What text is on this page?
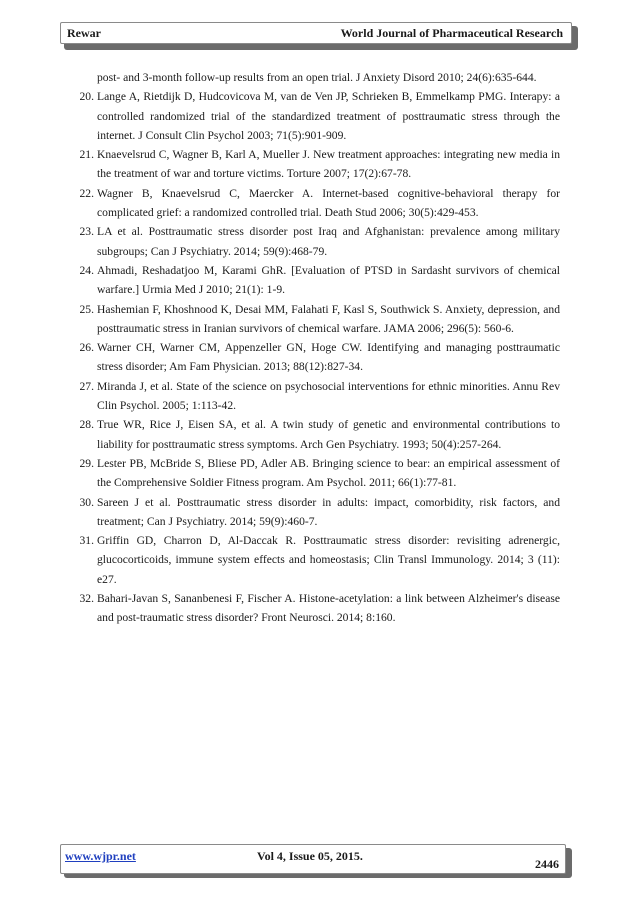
Rewar	World Journal of Pharmaceutical Research
post- and 3-month follow-up results from an open trial. J Anxiety Disord 2010; 24(6):635-644.
20. Lange A, Rietdijk D, Hudcovicova M, van de Ven JP, Schrieken B, Emmelkamp PMG. Interapy: a controlled randomized trial of the standardized treatment of posttraumatic stress through the internet. J Consult Clin Psychol 2003; 71(5):901-909.
21. Knaevelsrud C, Wagner B, Karl A, Mueller J. New treatment approaches: integrating new media in the treatment of war and torture victims. Torture 2007; 17(2):67-78.
22. Wagner B, Knaevelsrud C, Maercker A. Internet-based cognitive-behavioral therapy for complicated grief: a randomized controlled trial. Death Stud 2006; 30(5):429-453.
23. LA et al. Posttraumatic stress disorder post Iraq and Afghanistan: prevalence among military subgroups; Can J Psychiatry. 2014; 59(9):468-79.
24. Ahmadi, Reshadatjoo M, Karami GhR. [Evaluation of PTSD in Sardasht survivors of chemical warfare.] Urmia Med J 2010; 21(1): 1-9.
25. Hashemian F, Khoshnood K, Desai MM, Falahati F, Kasl S, Southwick S. Anxiety, depression, and posttraumatic stress in Iranian survivors of chemical warfare. JAMA 2006; 296(5): 560-6.
26. Warner CH, Warner CM, Appenzeller GN, Hoge CW. Identifying and managing posttraumatic stress disorder; Am Fam Physician. 2013; 88(12):827-34.
27. Miranda J, et al. State of the science on psychosocial interventions for ethnic minorities. Annu Rev Clin Psychol. 2005; 1:113-42.
28. True WR, Rice J, Eisen SA, et al. A twin study of genetic and environmental contributions to liability for posttraumatic stress symptoms. Arch Gen Psychiatry. 1993; 50(4):257-264.
29. Lester PB, McBride S, Bliese PD, Adler AB. Bringing science to bear: an empirical assessment of the Comprehensive Soldier Fitness program. Am Psychol. 2011; 66(1):77-81.
30. Sareen J et al. Posttraumatic stress disorder in adults: impact, comorbidity, risk factors, and treatment; Can J Psychiatry. 2014; 59(9):460-7.
31. Griffin GD, Charron D, Al-Daccak R. Posttraumatic stress disorder: revisiting adrenergic, glucocorticoids, immune system effects and homeostasis; Clin Transl Immunology. 2014; 3 (11): e27.
32. Bahari-Javan S, Sananbenesi F, Fischer A. Histone-acetylation: a link between Alzheimer's disease and post-traumatic stress disorder? Front Neurosci. 2014; 8:160.
www.wjpr.net	Vol 4, Issue 05, 2015.
2446
